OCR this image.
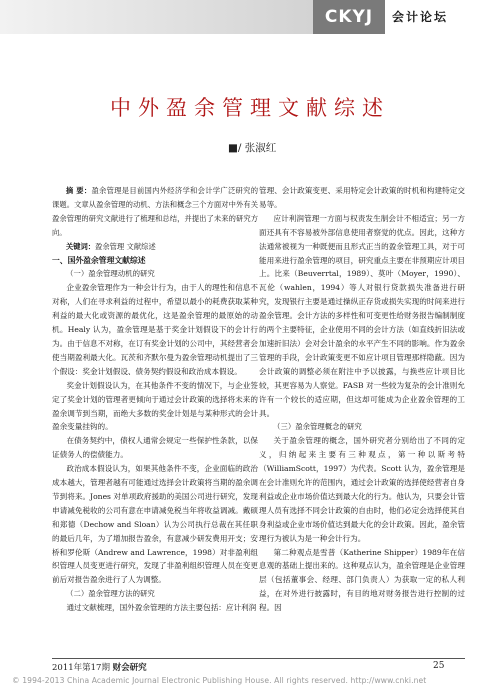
CKYJ	会计论坛
中外盈余管理文献综述
■/ 张淑红

摘 要：盈余管理是目前国内外经济学和会计学广泛研究的课题。文章从盈余管理的动机、方法和概念三个方面对中外有关盈余管理的研究文献进行了梳理和总结，并提出了未来的研究方向。

关键词：盈余管理 文献综述

一、国外盈余管理文献综述
（一）盈余管理动机的研究

企业盈余管理作为一种会计行为，由于人的理性和信息不对称，人们在寻求利益的过程中，希望以最小的耗费获取某种利益的最大化或资源的最优化，这是盈余管理的最原始的动机。Healy 认为，盈余管理是基于奖金计划假设下的会计行为。由于信息不对称，在订有奖金计划的公司中，其经营者会使当期盈利最大化。瓦茨和齐默尔曼为盈余管理动机提出了三个假设：奖金计划假设、债务契约假设和政治成本假设。

奖金计划假设认为，在其他条件不变的情况下，与企业签定了奖金计划的管理者更倾向于通过会计政策的选择将未来的盈余调节到当期，而绝大多数的奖金计划是与某种形式的会计盈余变量挂钩的。

在债务契约中，债权人通常会规定一些保护性条款，以保证债务人的偿债能力。

政治成本假设认为，如果其他条件不变，企业面临的政治成本越大，管理者越有可能通过选择会计政策将当期的盈余调节到将来。Jones 对单项政府援助的美国公司进行研究，发现申请减免税收的公司有意在申请减免税当年将收益调减。戴硕和郑德（Dechow and Sloan）认为公司执行总裁在其任职的最后几年，为了增加报告盈余，有意减少研发费用开支；安桥和罗伦斯（Andrew and Lawrence，1998）对非盈利组织管理人员变更进行研究，发现了非盈利组织管理人员在变更前后对报告盈余进行了人为调整。

（二）盈余管理方法的研究

通过文献梳理，国外盈余管理的方法主要包括：应计利润

管理、会计政策变更、采用特定会计政策的时机和构建特定交易等。

应计利润管理一方面与权责发生制会计不相适宜；另一方面还具有不容易被外部信息使用者察觉的优点。因此，这种方法通常被视为一种既便而且形式正当的盈余管理工具，对于可能用来进行盈余管理的项目，研究重点主要在非预期应计项目上。比来（Beuverrtal，1989）、莫叶（Moyer，1990）、瓦伦（wahlen，1994）等人对银行贷款损失准备进行研究，发现银行主要是通过操纵正存货或损失实现的时间来进行盈余管理。会计方法的多样性和可变更性给财务报告编制制度的两个主要特征，企业使用不同的会计方法（如直线折旧法或加速折旧法）会对会计盈余的水平产生不同的影响。作为盈余管理的手段，会计政策变更不如应计项目管理那样隐蔽。因为会计政策的调整必须在附注中予以披露，与换些应计项目比较，其更容易为人察觉。FASB 对一些较为复杂的会计准则允许有一个较长的适应期，但这却可能成为企业盈余管理的工具。

（三）盈余管理概念的研究

关于盈余管理的概念，国外研究者分别给出了不同的定义，归纳起来主要有三种观点，第一种以斯考特（WilliamScott，1997）为代表。Scott 认为，盈余管理是在会计准则允许的范围内，通过会计政策的选择使经营者自身利益或企业市场价值达到最大化的行为。他认为，只要会计管理人员有选择不同会计政策的自由时，他们必定会选择使其自身利益或企业市场价值达到最大化的会计政策。因此，盈余管理行为被认为是一种会计行为。

第二种观点是雪普（Katherine Shipper）1989年在信息观的基础上提出来的。这种观点认为，盈余管理是企业管理层（包括董事会、经理、部门负责人）为获取一定的私人利益，在对外进行披露时，有目的地对财务报告进行控制的过程。因

2011年第17期 财会研究	25
© 1994-2013 China Academic Journal Electronic Publishing House. All rights reserved. http://www.cnki.net
